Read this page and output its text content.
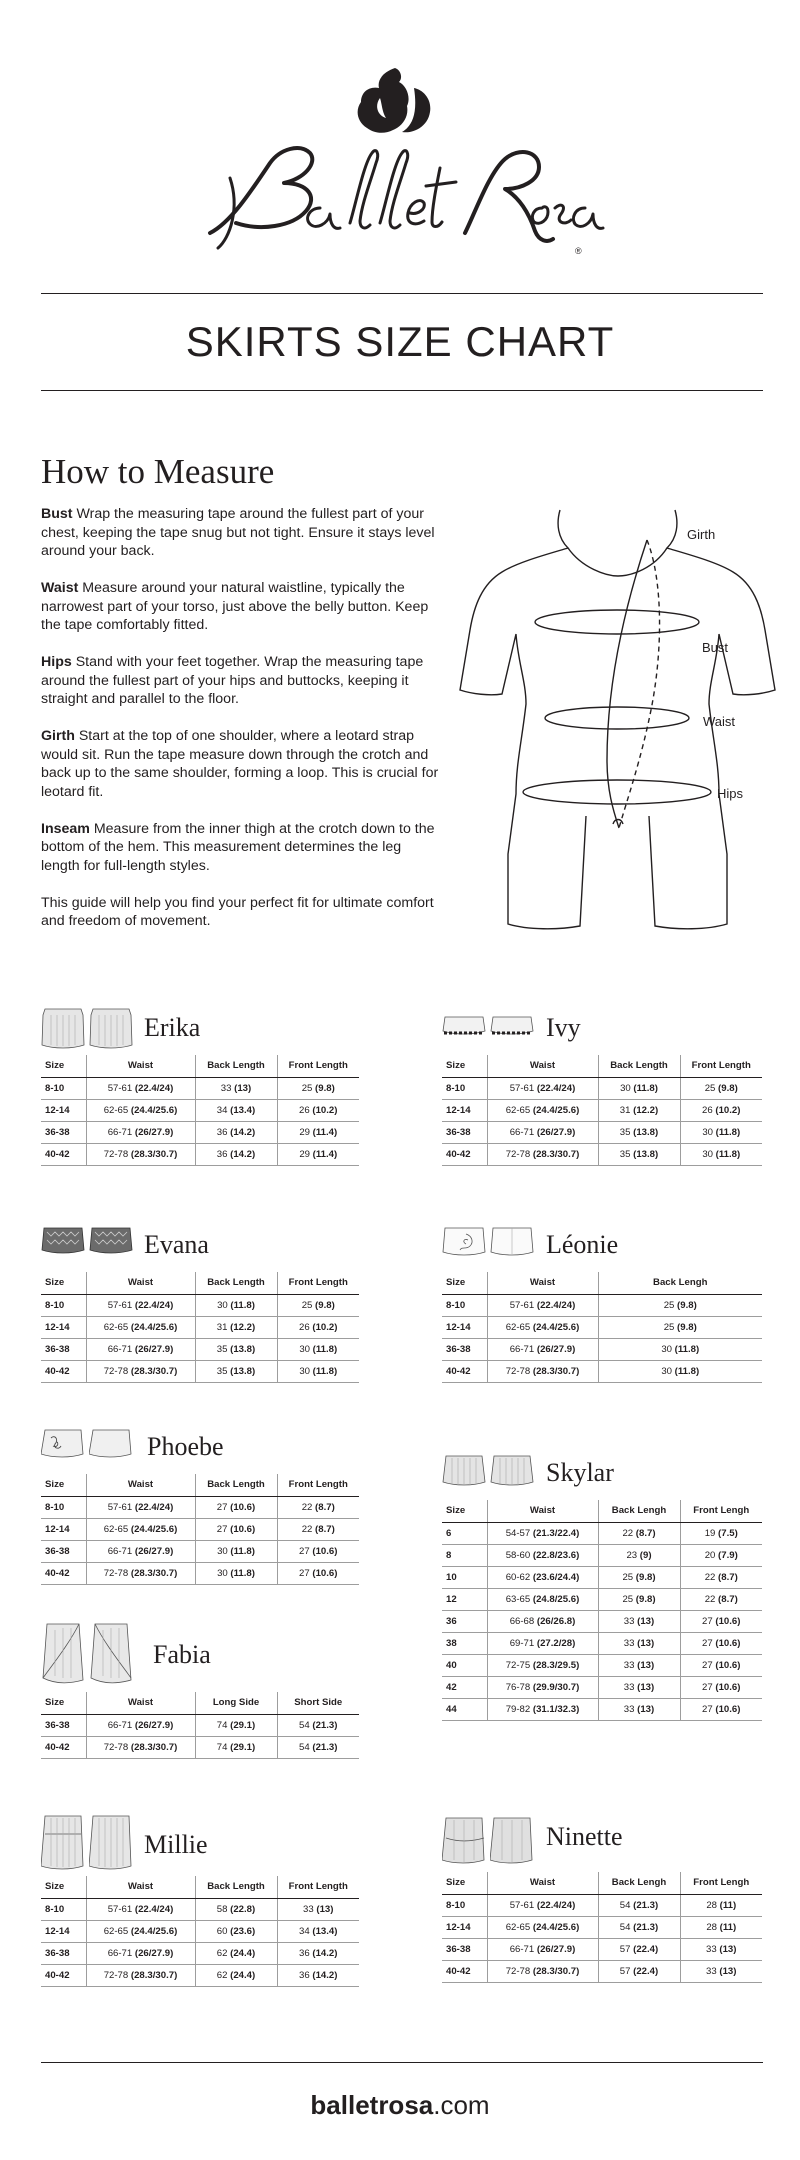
®
SKIRTS SIZE CHART
How to Measure

Bust Wrap the measuring tape around the fullest part of your chest, keeping the tape snug but not tight. Ensure it stays level around your back.

Waist Measure around your natural waistline, typically the narrowest part of your torso, just above the belly button. Keep the tape comfortably fitted.

Hips Stand with your feet together. Wrap the measuring tape around the fullest part of your hips and buttocks, keeping it straight and parallel to the floor.

Girth Start at the top of one shoulder, where a leotard strap would sit. Run the tape measure down through the crotch and back up to the same shoulder, forming a loop. This is crucial for leotard fit.

Inseam Measure from the inner thigh at the crotch down to the bottom of the hem. This measurement determines the leg length for full-length styles.

This guide will help you find your perfect fit for ultimate comfort and freedom of movement.

Girth
Bust
Waist
Hips
Erika
Size	Waist	Back Length	Front Length
8-10	57-61 (22.4/24)	33 (13)	25 (9.8)
12-14	62-65 (24.4/25.6)	34 (13.4)	26 (10.2)
36-38	66-71 (26/27.9)	36 (14.2)	29 (11.4)
40-42	72-78 (28.3/30.7)	36 (14.2)	29 (11.4)
Ivy
Size	Waist	Back Length	Front Length
8-10	57-61 (22.4/24)	30 (11.8)	25 (9.8)
12-14	62-65 (24.4/25.6)	31 (12.2)	26 (10.2)
36-38	66-71 (26/27.9)	35 (13.8)	30 (11.8)
40-42	72-78 (28.3/30.7)	35 (13.8)	30 (11.8)
Evana
Size	Waist	Back Length	Front Length
8-10	57-61 (22.4/24)	30 (11.8)	25 (9.8)
12-14	62-65 (24.4/25.6)	31 (12.2)	26 (10.2)
36-38	66-71 (26/27.9)	35 (13.8)	30 (11.8)
40-42	72-78 (28.3/30.7)	35 (13.8)	30 (11.8)
Léonie
Size	Waist	Back Lengh
8-10	57-61 (22.4/24)	25 (9.8)
12-14	62-65 (24.4/25.6)	25 (9.8)
36-38	66-71 (26/27.9)	30 (11.8)
40-42	72-78 (28.3/30.7)	30 (11.8)
Phoebe
Size	Waist	Back Length	Front Length
8-10	57-61 (22.4/24)	27 (10.6)	22 (8.7)
12-14	62-65 (24.4/25.6)	27 (10.6)	22 (8.7)
36-38	66-71 (26/27.9)	30 (11.8)	27 (10.6)
40-42	72-78 (28.3/30.7)	30 (11.8)	27 (10.6)
Skylar
Size	Waist	Back Lengh	Front Lengh
6	54-57 (21.3/22.4)	22 (8.7)	19 (7.5)
8	58-60 (22.8/23.6)	23 (9)	20 (7.9)
10	60-62 (23.6/24.4)	25 (9.8)	22 (8.7)
12	63-65 (24.8/25.6)	25 (9.8)	22 (8.7)
36	66-68 (26/26.8)	33 (13)	27 (10.6)
38	69-71 (27.2/28)	33 (13)	27 (10.6)
40	72-75 (28.3/29.5)	33 (13)	27 (10.6)
42	76-78 (29.9/30.7)	33 (13)	27 (10.6)
44	79-82 (31.1/32.3)	33 (13)	27 (10.6)
Fabia
Size	Waist	Long Side	Short Side
36-38	66-71 (26/27.9)	74 (29.1)	54 (21.3)
40-42	72-78 (28.3/30.7)	74 (29.1)	54 (21.3)
Millie
Size	Waist	Back Length	Front Length
8-10	57-61 (22.4/24)	58 (22.8)	33 (13)
12-14	62-65 (24.4/25.6)	60 (23.6)	34 (13.4)
36-38	66-71 (26/27.9)	62 (24.4)	36 (14.2)
40-42	72-78 (28.3/30.7)	62 (24.4)	36 (14.2)
Ninette
Size	Waist	Back Lengh	Front Lengh
8-10	57-61 (22.4/24)	54 (21.3)	28 (11)
12-14	62-65 (24.4/25.6)	54 (21.3)	28 (11)
36-38	66-71 (26/27.9)	57 (22.4)	33 (13)
40-42	72-78 (28.3/30.7)	57 (22.4)	33 (13)
balletrosa.com
